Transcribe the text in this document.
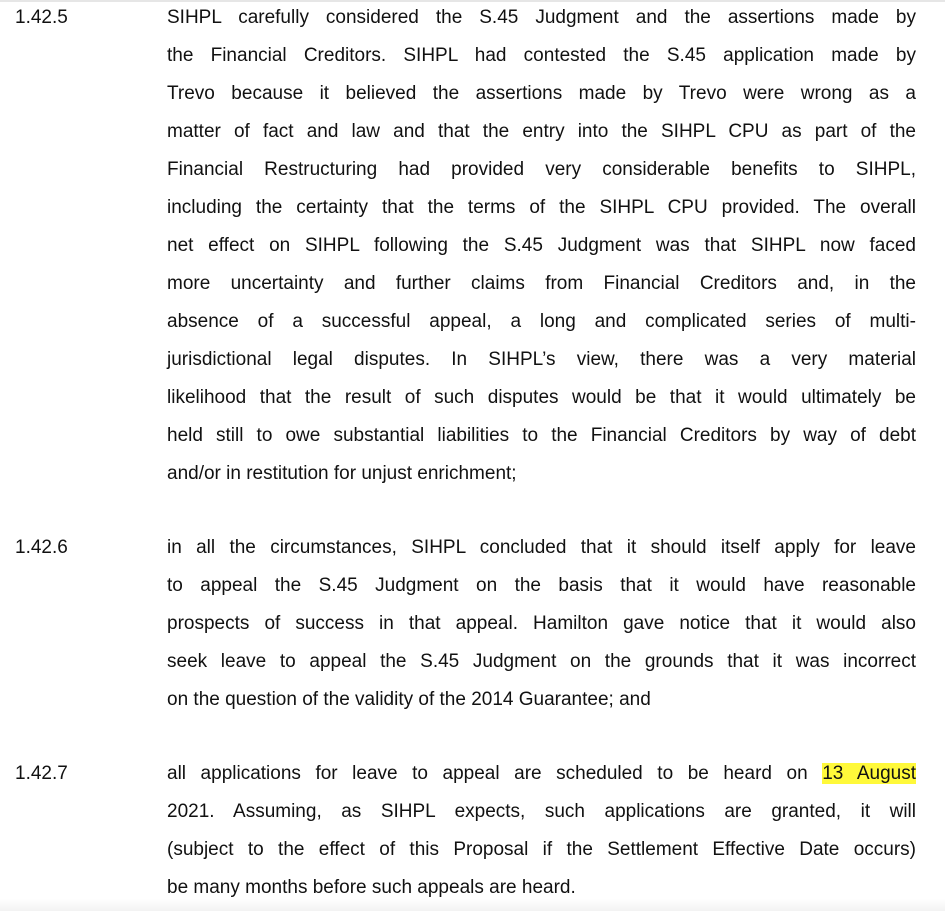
1.42.5	SIHPL carefully considered the S.45 Judgment and the assertions made by
the Financial Creditors. SIHPL had contested the S.45 application made by
Trevo because it believed the assertions made by Trevo were wrong as a
matter of fact and law and that the entry into the SIHPL CPU as part of the
Financial Restructuring had provided very considerable benefits to SIHPL,
including the certainty that the terms of the SIHPL CPU provided. The overall
net effect on SIHPL following the S.45 Judgment was that SIHPL now faced
more uncertainty and further claims from Financial Creditors and, in the
absence of a successful appeal, a long and complicated series of multi-
jurisdictional legal disputes. In SIHPL’s view, there was a very material
likelihood that the result of such disputes would be that it would ultimately be
held still to owe substantial liabilities to the Financial Creditors by way of debt
and/or in restitution for unjust enrichment;
1.42.6	in all the circumstances, SIHPL concluded that it should itself apply for leave
to appeal the S.45 Judgment on the basis that it would have reasonable
prospects of success in that appeal. Hamilton gave notice that it would also
seek leave to appeal the S.45 Judgment on the grounds that it was incorrect
on the question of the validity of the 2014 Guarantee; and
1.42.7	all applications for leave to appeal are scheduled to be heard on 13 August
2021. Assuming, as SIHPL expects, such applications are granted, it will
(subject to the effect of this Proposal if the Settlement Effective Date occurs)
be many months before such appeals are heard.
